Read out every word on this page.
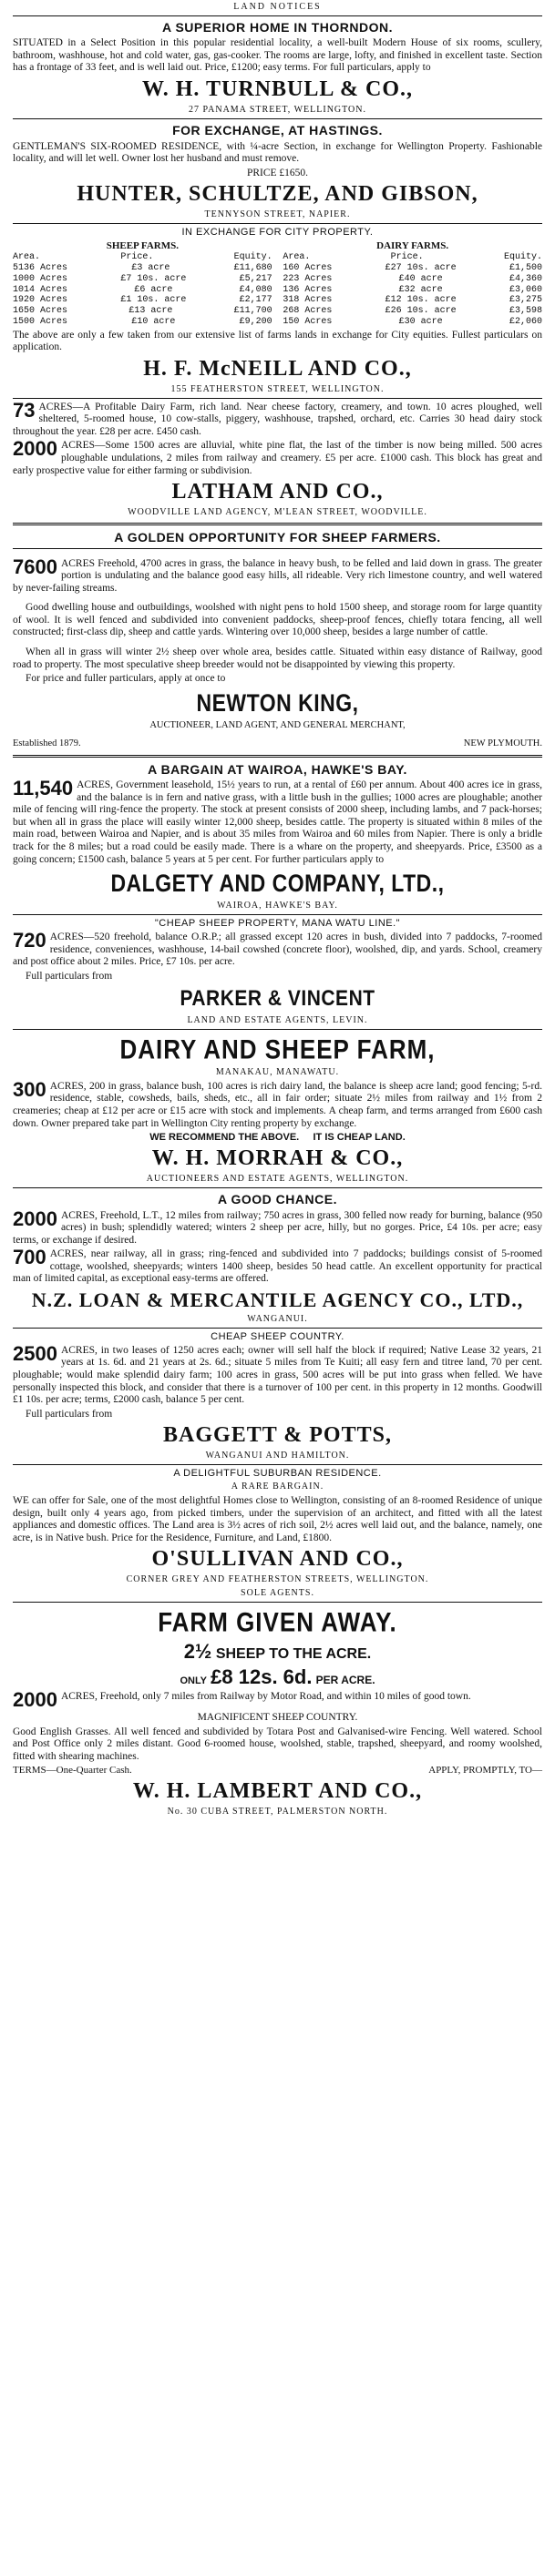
LAND NOTICES
A SUPERIOR HOME IN THORNDON.
SITUATED in a Select Position in this popular residential locality, a well-built Modern House of six rooms, scullery, bathroom, washhouse, hot and cold water, gas, gas-cooker. The rooms are large, lofty, and finished in excellent taste. Section has a frontage of 33 feet, and is well laid out. Price, £1200; easy terms. For full particulars, apply to
W. H. TURNBULL & CO.,
27 PANAMA STREET, WELLINGTON.
FOR EXCHANGE, AT HASTINGS.
GENTLEMAN'S SIX-ROOMED RESIDENCE, with ¼-acre Section, in exchange for Wellington Property. Fashionable locality, and will let well. Owner lost her husband and must remove.
PRICE £1650.
HUNTER, SCHULTZE, AND GIBSON,
TENNYSON STREET, NAPIER.
IN EXCHANGE FOR CITY PROPERTY.
SHEEP FARMS.
Area.	Price.	Equity.
5136 Acres	£3 acre	£11,680
1000 Acres	£7 10s. acre	£5,217
1014 Acres	£6 acre	£4,080
1920 Acres	£1 10s. acre	£2,177
1650 Acres	£13 acre	£11,700
1500 Acres	£10 acre	£9,200
DAIRY FARMS.
Area.	Price.	Equity.
160 Acres	£27 10s. acre	£1,500
223 Acres	£40 acre	£4,360
136 Acres	£32 acre	£3,060
318 Acres	£12 10s. acre	£3,275
268 Acres	£26 10s. acre	£3,598
150 Acres	£30 acre	£2,060
The above are only a few taken from our extensive list of farms lands in exchange for City equities. Fullest particulars on application.
H. F. McNEILL AND CO.,
155 FEATHERSTON STREET, WELLINGTON.
73 ACRES—A Profitable Dairy Farm, rich land. Near cheese factory, creamery, and town. 10 acres ploughed, well sheltered, 5-roomed house, 10 cow-stalls, piggery, washhouse, trapshed, orchard, etc. Carries 30 head dairy stock throughout the year. £28 per acre. £450 cash.
2000 ACRES—Some 1500 acres are alluvial, white pine flat, the last of the timber is now being milled. 500 acres ploughable undulations, 2 miles from railway and creamery. £5 per acre. £1000 cash. This block has great and early prospective value for either farming or subdivision.
LATHAM AND CO.,
WOODVILLE LAND AGENCY, M'LEAN STREET, WOODVILLE.
A GOLDEN OPPORTUNITY FOR SHEEP FARMERS.
7600 ACRES Freehold, 4700 acres in grass, the balance in heavy bush, to be felled and laid down in grass. The greater portion is undulating and the balance good easy hills, all rideable. Very rich limestone country, and well watered by never-failing streams.
Good dwelling house and outbuildings, woolshed with night pens to hold 1500 sheep, and storage room for large quantity of wool. It is well fenced and subdivided into convenient paddocks, sheep-proof fences, chiefly totara fencing, all well constructed; first-class dip, sheep and cattle yards. Wintering over 10,000 sheep, besides a large number of cattle.
When all in grass will winter 2½ sheep over whole area, besides cattle. Situated within easy distance of Railway, good road to property. The most speculative sheep breeder would not be disappointed by viewing this property.
For price and fuller particulars, apply at once to
NEWTON KING,
AUCTIONEER, LAND AGENT, AND GENERAL MERCHANT,
Established 1879.	NEW PLYMOUTH.
A BARGAIN AT WAIROA, HAWKE'S BAY.
11,540 ACRES, Government leasehold, 15½ years to run, at a rental of £60 per annum. About 400 acres ice in grass, and the balance is in fern and native grass, with a little bush in the gullies; 1000 acres are ploughable; another mile of fencing will ring-fence the property. The stock at present consists of 2000 sheep, including lambs, and 7 pack-horses; but when all in grass the place will easily winter 12,000 sheep, besides cattle. The property is situated within 8 miles of the main road, between Wairoa and Napier, and is about 35 miles from Wairoa and 60 miles from Napier. There is only a bridle track for the 8 miles; but a road could be easily made. There is a whare on the property, and sheepyards. Price, £3500 as a going concern; £1500 cash, balance 5 years at 5 per cent. For further particulars apply to
DALGETY AND COMPANY, LTD.,
WAIROA, HAWKE'S BAY.
"CHEAP SHEEP PROPERTY, MANA WATU LINE."
720 ACRES—520 freehold, balance O.R.P.; all grassed except 120 acres in bush, divided into 7 paddocks, 7-roomed residence, conveniences, washhouse, 14-bail cowshed (concrete floor), woolshed, dip, and yards. School, creamery and post office about 2 miles. Price, £7 10s. per acre.
Full particulars from
PARKER & VINCENT
LAND AND ESTATE AGENTS, LEVIN.
DAIRY AND SHEEP FARM,
MANAKAU, MANAWATU.
300 ACRES, 200 in grass, balance bush, 100 acres is rich dairy land, the balance is sheep acre land; good fencing; 5-rd. residence, stable, cowsheds, bails, sheds, etc., all in fair order; situate 2½ miles from railway and 1½ from 2 creameries; cheap at £12 per acre or £15 acre with stock and implements. A cheap farm, and terms arranged from £600 cash down. Owner prepared take part in Wellington City renting property by exchange.
WE RECOMMEND THE ABOVE.     IT IS CHEAP LAND.
W. H. MORRAH & CO.,
AUCTIONEERS AND ESTATE AGENTS, WELLINGTON.
A GOOD CHANCE.
2000 ACRES, Freehold, L.T., 12 miles from railway; 750 acres in grass, 300 felled now ready for burning, balance (950 acres) in bush; splendidly watered; winters 2 sheep per acre, hilly, but no gorges. Price, £4 10s. per acre; easy terms, or exchange if desired.
700 ACRES, near railway, all in grass; ring-fenced and subdivided into 7 paddocks; buildings consist of 5-roomed cottage, woolshed, sheepyards; winters 1400 sheep, besides 50 head cattle. An excellent opportunity for practical man of limited capital, as exceptional easy-terms are offered.
N.Z. LOAN & MERCANTILE AGENCY CO., LTD.,
WANGANUI.
CHEAP SHEEP COUNTRY.
2500 ACRES, in two leases of 1250 acres each; owner will sell half the block if required; Native Lease 32 years, 21 years at 1s. 6d. and 21 years at 2s. 6d.; situate 5 miles from Te Kuiti; all easy fern and titree land, 70 per cent. ploughable; would make splendid dairy farm; 100 acres in grass, 500 acres will be put into grass when felled. We have personally inspected this block, and consider that there is a turnover of 100 per cent. in this property in 12 months. Goodwill £1 10s. per acre; terms, £2000 cash, balance 5 per cent.
Full particulars from
BAGGETT & POTTS,
WANGANUI AND HAMILTON.
A DELIGHTFUL SUBURBAN RESIDENCE.
A RARE BARGAIN.
WE can offer for Sale, one of the most delightful Homes close to Wellington, consisting of an 8-roomed Residence of unique design, built only 4 years ago, from picked timbers, under the supervision of an architect, and fitted with all the latest appliances and domestic offices. The Land area is 3½ acres of rich soil, 2½ acres well laid out, and the balance, namely, one acre, is in Native bush. Price for the Residence, Furniture, and Land, £1800.
O'SULLIVAN AND CO.,
CORNER GREY AND FEATHERSTON STREETS, WELLINGTON.
SOLE AGENTS.
FARM GIVEN AWAY.
2½ SHEEP TO THE ACRE.
ONLY £8 12s. 6d. PER ACRE.
2000 ACRES, Freehold, only 7 miles from Railway by Motor Road, and within 10 miles of good town.
MAGNIFICENT SHEEP COUNTRY.
Good English Grasses. All well fenced and subdivided by Totara Post and Galvanised-wire Fencing. Well watered. School and Post Office only 2 miles distant. Good 6-roomed house, woolshed, stable, trapshed, sheepyard, and roomy woolshed, fitted with shearing machines.
TERMS—One-Quarter Cash.	APPLY, PROMPTLY, TO—
W. H. LAMBERT AND CO.,
No. 30 CUBA STREET, PALMERSTON NORTH.
